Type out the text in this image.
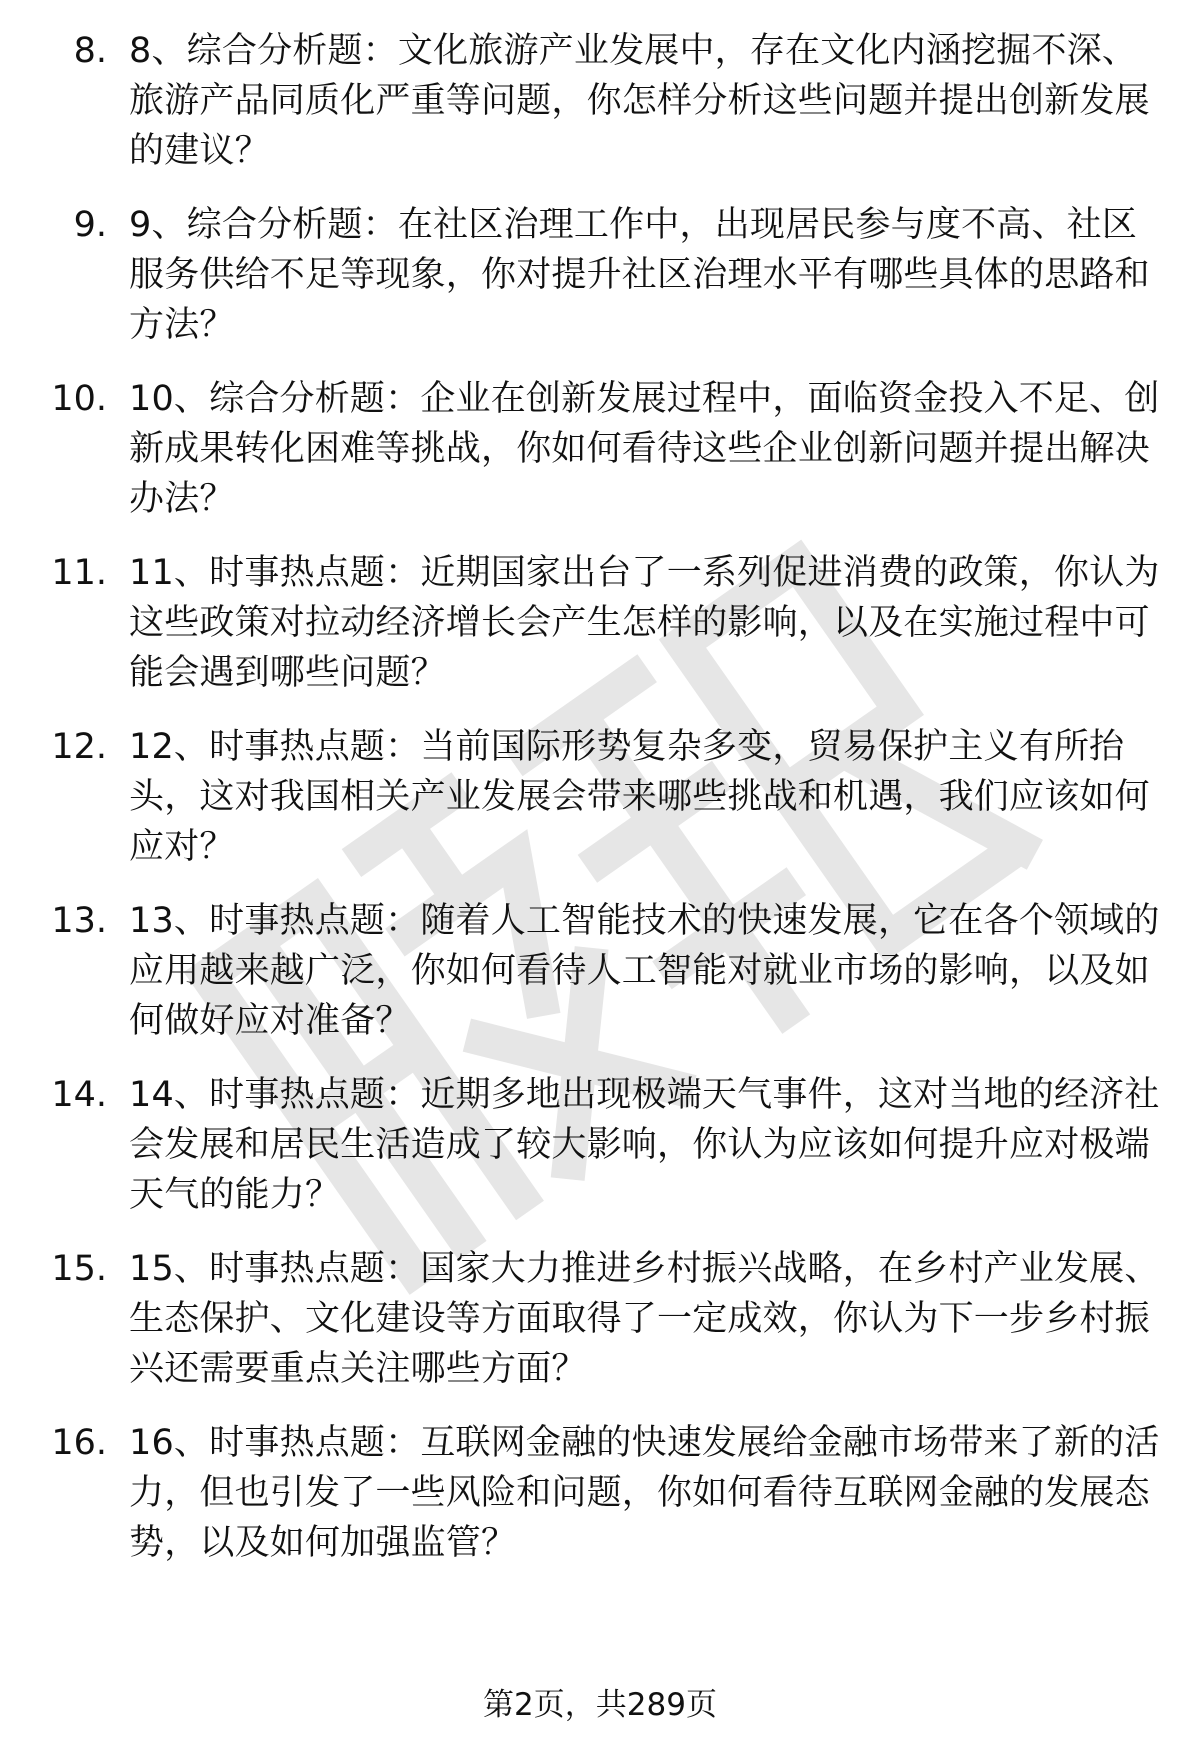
8. 8、综合分析题：文化旅游产业发展中，存在文化内涵挖掘不深、旅游产品同质化严重等问题，你怎样分析这些问题并提出创新发展的建议？
9. 9、综合分析题：在社区治理工作中，出现居民参与度不高、社区服务供给不足等现象，你对提升社区治理水平有哪些具体的思路和方法？
10. 10、综合分析题：企业在创新发展过程中，面临资金投入不足、创新成果转化困难等挑战，你如何看待这些企业创新问题并提出解决办法？
11. 11、时事热点题：近期国家出台了一系列促进消费的政策，你认为这些政策对拉动经济增长会产生怎样的影响，以及在实施过程中可能会遇到哪些问题？
12. 12、时事热点题：当前国际形势复杂多变，贸易保护主义有所抬头，这对我国相关产业发展会带来哪些挑战和机遇，我们应该如何应对？
13. 13、时事热点题：随着人工智能技术的快速发展，它在各个领域的应用越来越广泛，你如何看待人工智能对就业市场的影响，以及如何做好应对准备？
14. 14、时事热点题：近期多地出现极端天气事件，这对当地的经济社会发展和居民生活造成了较大影响，你认为应该如何提升应对极端天气的能力？
15. 15、时事热点题：国家大力推进乡村振兴战略，在乡村产业发展、生态保护、文化建设等方面取得了一定成效，你认为下一步乡村振兴还需要重点关注哪些方面？
16. 16、时事热点题：互联网金融的快速发展给金融市场带来了新的活力，但也引发了一些风险和问题，你如何看待互联网金融的发展态势，以及如何加强监管？
第2页，共289页
